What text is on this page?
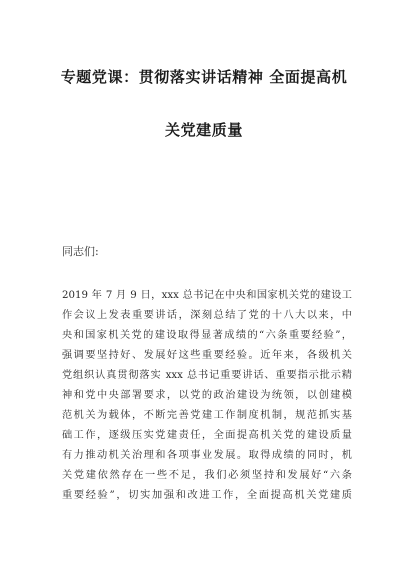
专题党课：贯彻落实讲话精神 全面提高机
关党建质量
同志们:
2019 年 7 月 9 日，xxx 总书记在中央和国家机关党的建设工
作会议上发表重要讲话，深刻总结了党的十八大以来，中
央和国家机关党的建设取得显著成绩的“六条重要经验”，
强调要坚持好、发展好这些重要经验。近年来，各级机关
党组织认真贯彻落实 xxx 总书记重要讲话、重要指示批示精
神和党中央部署要求，以党的政治建设为统领，以创建模
范机关为载体，不断完善党建工作制度机制，规范抓实基
础工作，逐级压实党建责任，全面提高机关党的建设质量
有力推动机关治理和各项事业发展。取得成绩的同时，机
关党建依然存在一些不足，我们必须坚持和发展好“六条
重要经验”，切实加强和改进工作，全面提高机关党建质
